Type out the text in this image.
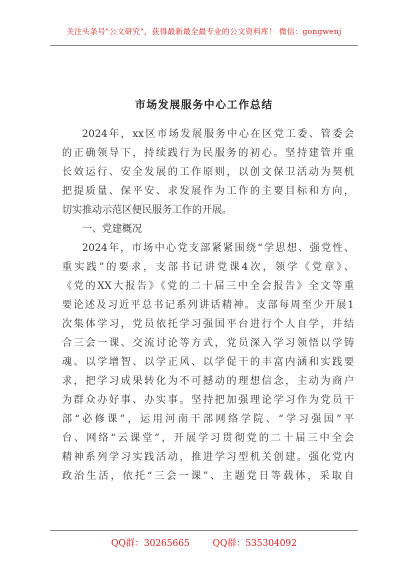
关注头条号"公文研究"，获得最新最全最专业的公文资料库！ 微信：gongwenj
市场发展服务中心工作总结
2024年，xx区市场发展服务中心在区党工委、管委会
的正确领导下，持续践行为民服务的初心。坚持建管并重
长效运行、安全发展的工作原则，以创文保卫活动为契机
把提质量、保平安、求发展作为工作的主要目标和方向，
切实推动示范区便民服务工作的开展。
一、党建概况
2024年，市场中心党支部紧紧围绕“学思想、强党性、
重实践”的要求，支部书记讲党课4次，领学《党章》、
《党的XX大报告》《党的二十届三中全会报告》全文等重
要论述及习近平总书记系列讲话精神。支部每周至少开展1
次集体学习，党员依托学习强国平台进行个人自学，并结
合三会一课、交流讨论等方式，党员深入学习领悟以学铸
魂、以学增智、以学正风、以学促干的丰富内涵和实践要
求，把学习成果转化为不可撼动的理想信念，主动为商户
为群众办好事、办实事。坚持把加强理论学习作为党员干
部“必修课”，运用河南干部网络学院、“学习强国”平
台、网络“云课堂”，开展学习贯彻党的二十届三中全会
精神系列学习实践活动，推进学习型机关创建。强化党内
政治生活，依托“三会一课”、主题党日等载体，采取自
QQ群：30265665	QQ群：535304092
